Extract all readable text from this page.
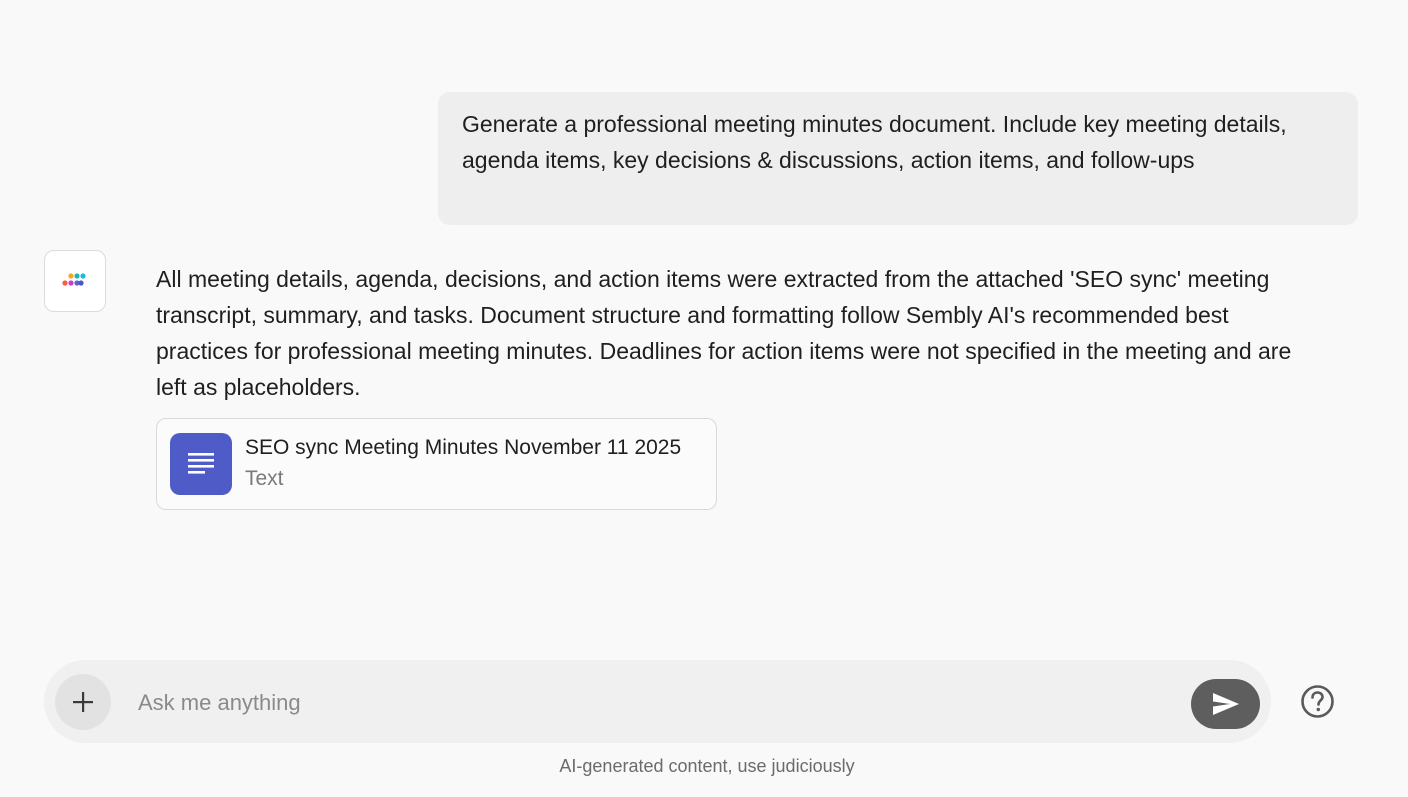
Generate a professional meeting minutes document. Include key meeting details, agenda items, key decisions & discussions, action items, and follow-ups
All meeting details, agenda, decisions, and action items were extracted from the attached 'SEO sync' meeting transcript, summary, and tasks. Document structure and formatting follow Sembly AI's recommended best practices for professional meeting minutes. Deadlines for action items were not specified in the meeting and are left as placeholders.
SEO sync Meeting Minutes November 11 2025
Text
Ask me anything
AI-generated content, use judiciously
